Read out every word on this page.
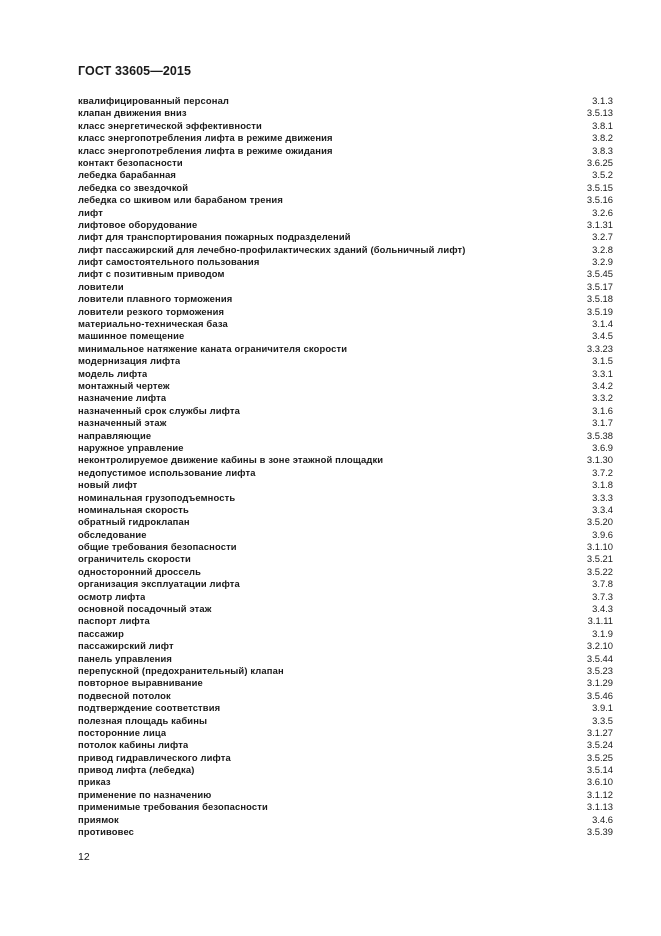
ГОСТ 33605—2015
квалифицированный персонал	3.1.3
клапан движения вниз	3.5.13
класс энергетической эффективности	3.8.1
класс энергопотребления лифта в режиме движения	3.8.2
класс энергопотребления лифта в режиме ожидания	3.8.3
контакт безопасности	3.6.25
лебедка барабанная	3.5.2
лебедка со звездочкой	3.5.15
лебедка со шкивом или барабаном трения	3.5.16
лифт	3.2.6
лифтовое оборудование	3.1.31
лифт для транспортирования пожарных подразделений	3.2.7
лифт пассажирский для лечебно-профилактических зданий (больничный лифт)	3.2.8
лифт самостоятельного пользования	3.2.9
лифт с позитивным приводом	3.5.45
ловители	3.5.17
ловители плавного торможения	3.5.18
ловители резкого торможения	3.5.19
материально-техническая база	3.1.4
машинное помещение	3.4.5
минимальное натяжение каната ограничителя скорости	3.3.23
модернизация лифта	3.1.5
модель лифта	3.3.1
монтажный чертеж	3.4.2
назначение лифта	3.3.2
назначенный срок службы лифта	3.1.6
назначенный этаж	3.1.7
направляющие	3.5.38
наружное управление	3.6.9
неконтролируемое движение кабины в зоне этажной площадки	3.1.30
недопустимое использование лифта	3.7.2
новый лифт	3.1.8
номинальная грузоподъемность	3.3.3
номинальная скорость	3.3.4
обратный гидроклапан	3.5.20
обследование	3.9.6
общие требования безопасности	3.1.10
ограничитель скорости	3.5.21
односторонний дроссель	3.5.22
организация эксплуатации лифта	3.7.8
осмотр лифта	3.7.3
основной посадочный этаж	3.4.3
паспорт лифта	3.1.11
пассажир	3.1.9
пассажирский лифт	3.2.10
панель управления	3.5.44
перепускной (предохранительный) клапан	3.5.23
повторное выравнивание	3.1.29
подвесной потолок	3.5.46
подтверждение соответствия	3.9.1
полезная площадь кабины	3.3.5
посторонние лица	3.1.27
потолок кабины лифта	3.5.24
привод гидравлического лифта	3.5.25
привод лифта (лебедка)	3.5.14
приказ	3.6.10
применение по назначению	3.1.12
применимые требования безопасности	3.1.13
приямок	3.4.6
противовес	3.5.39
12
